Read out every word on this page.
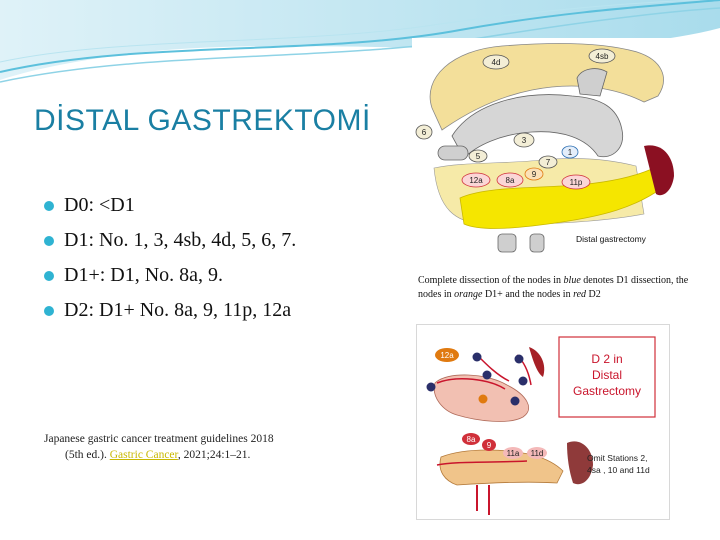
DİSTAL GASTREKTOMİ
D0: <D1
D1: No. 1, 3, 4sb, 4d, 5, 6, 7.
D1+: D1, No. 8a, 9.
D2: D1+ No. 8a, 9, 11p, 12a
Japanese gastric cancer treatment guidelines 2018
(5th ed.). Gastric Cancer, 2021;24:1–21.
4d
4sb
6
3
1
5
7
9
12a	8a	11p
Distal gastrectomy
Complete dissection of the nodes in blue denotes D1 dissection, the nodes in orange D1+ and the nodes in red D2
12a
8a
9
11a 11d
D 2 in
Distal
Gastrectomy
Omit Stations 2,
4sa , 10 and 11d
